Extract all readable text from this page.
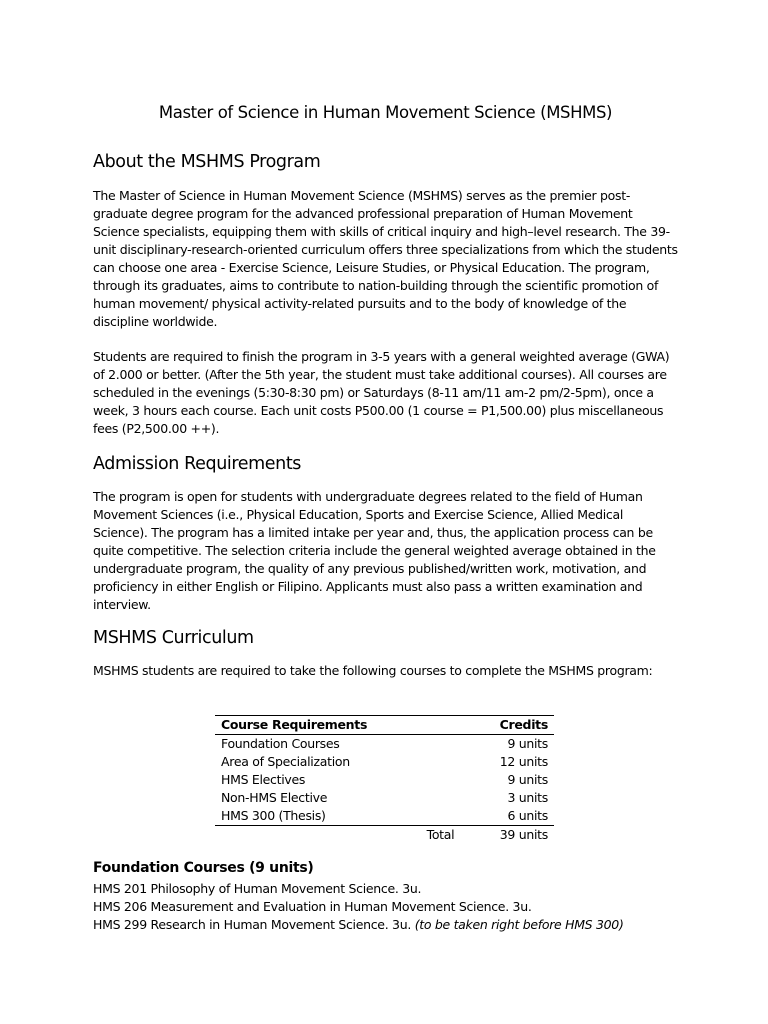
Master of Science in Human Movement Science (MSHMS)
About the MSHMS Program

The Master of Science in Human Movement Science (MSHMS) serves as the premier post-graduate degree program for the advanced professional preparation of Human Movement Science specialists, equipping them with skills of critical inquiry and high–level research. The 39-unit disciplinary-research-oriented curriculum offers three specializations from which the students can choose one area - Exercise Science, Leisure Studies, or Physical Education. The program, through its graduates, aims to contribute to nation-building through the scientific promotion of human movement/ physical activity-related pursuits and to the body of knowledge of the discipline worldwide.

Students are required to finish the program in 3-5 years with a general weighted average (GWA) of 2.000 or better. (After the 5th year, the student must take additional courses). All courses are scheduled in the evenings (5:30-8:30 pm) or Saturdays (8-11 am/11 am-2 pm/2-5pm), once a week, 3 hours each course. Each unit costs P500.00 (1 course = P1,500.00) plus miscellaneous fees (P2,500.00 ++).

Admission Requirements

The program is open for students with undergraduate degrees related to the field of Human Movement Sciences (i.e., Physical Education, Sports and Exercise Science, Allied Medical Science). The program has a limited intake per year and, thus, the application process can be quite competitive. The selection criteria include the general weighted average obtained in the undergraduate program, the quality of any previous published/written work, motivation, and proficiency in either English or Filipino. Applicants must also pass a written examination and interview.

MSHMS Curriculum

MSHMS students are required to take the following courses to complete the MSHMS program:

Course Requirements	Credits
Foundation Courses	9 units
Area of Specialization	12 units
HMS Electives	9 units
Non-HMS Elective	3 units
HMS 300 (Thesis)	6 units
Total	39 units
Foundation Courses (9 units)
HMS 201 Philosophy of Human Movement Science. 3u.
HMS 206 Measurement and Evaluation in Human Movement Science. 3u.
HMS 299 Research in Human Movement Science. 3u. (to be taken right before HMS 300)
